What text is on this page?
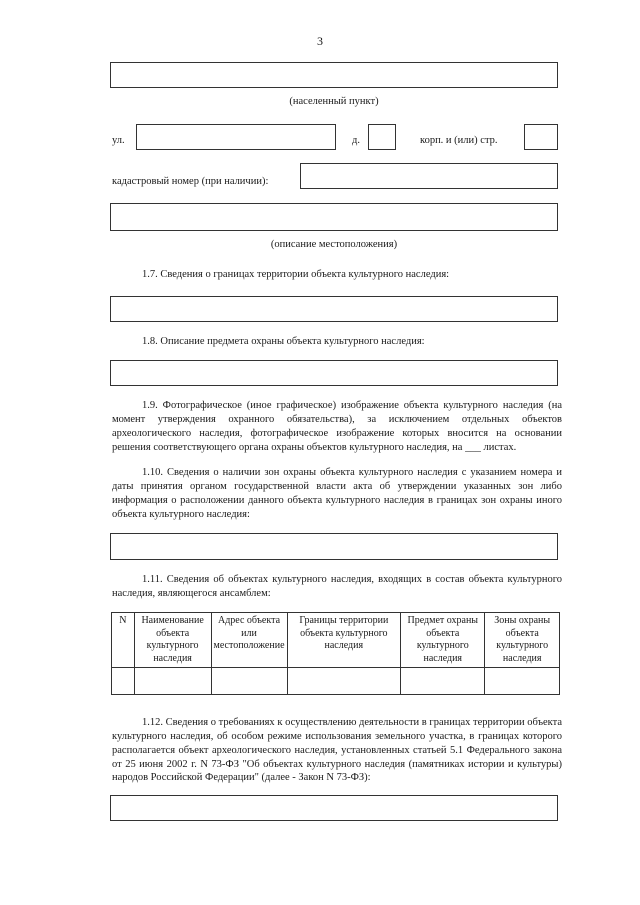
3
(населенный пункт)
ул.	д.	корп. и (или) стр.
кадастровый номер (при наличии):
(описание местоположения)
1.7. Сведения о границах территории объекта культурного наследия:
1.8. Описание предмета охраны объекта культурного наследия:
1.9. Фотографическое (иное графическое) изображение объекта культурного наследия (на момент утверждения охранного обязательства), за исключением отдельных объектов археологического наследия, фотографическое изображение которых вносится на основании решения соответствующего органа охраны объектов культурного наследия, на ___ листах.
1.10. Сведения о наличии зон охраны объекта культурного наследия с указанием номера и даты принятия органом государственной власти акта об утверждении указанных зон либо информация о расположении данного объекта культурного наследия в границах зон охраны иного объекта культурного наследия:
1.11. Сведения об объектах культурного наследия, входящих в состав объекта культурного наследия, являющегося ансамблем:
N	Наименование объекта культурного наследия	Адрес объекта или местоположение	Границы территории объекта культурного наследия	Предмет охраны объекта культурного наследия	Зоны охраны объекта культурного наследия

1.12. Сведения о требованиях к осуществлению деятельности в границах территории объекта культурного наследия, об особом режиме использования земельного участка, в границах которого располагается объект археологического наследия, установленных статьей 5.1 Федерального закона от 25 июня 2002 г. N 73-ФЗ "Об объектах культурного наследия (памятниках истории и культуры) народов Российской Федерации" (далее - Закон N 73-ФЗ):
